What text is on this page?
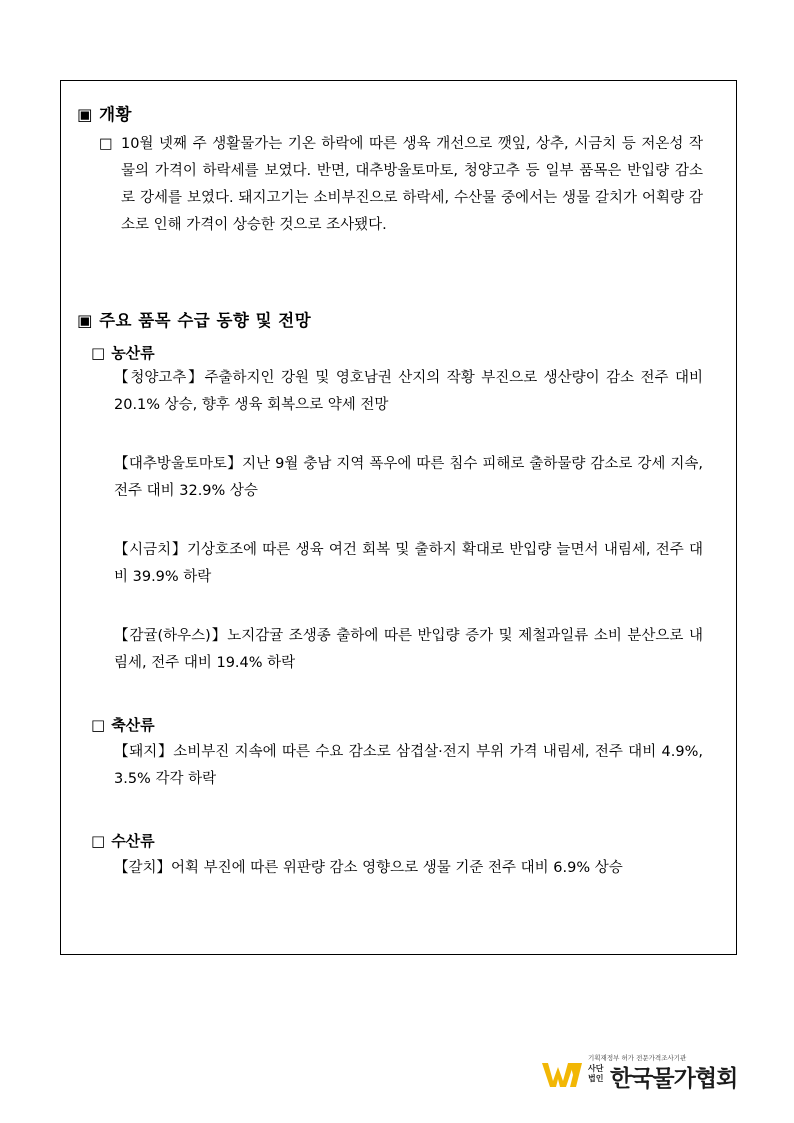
▣ 개황
□ 10월 넷째 주 생활물가는 기온 하락에 따른 생육 개선으로 깻잎, 상추, 시금치 등 저온성 작물의 가격이 하락세를 보였다. 반면, 대추방울토마토, 청양고추 등 일부 품목은 반입량 감소로 강세를 보였다. 돼지고기는 소비부진으로 하락세, 수산물 중에서는 생물 갈치가 어획량 감소로 인해 가격이 상승한 것으로 조사됐다.
▣ 주요 품목 수급 동향 및 전망
□ 농산류
【청양고추】주출하지인 강원 및 영호남권 산지의 작황 부진으로 생산량이 감소 전주 대비 20.1% 상승, 향후 생육 회복으로 약세 전망
【대추방울토마토】지난 9월 충남 지역 폭우에 따른 침수 피해로 출하물량 감소로 강세 지속, 전주 대비 32.9% 상승
【시금치】기상호조에 따른 생육 여건 회복 및 출하지 확대로 반입량 늘면서 내림세, 전주 대비 39.9% 하락
【감귤(하우스)】노지감귤 조생종 출하에 따른 반입량 증가 및 제철과일류 소비 분산으로 내림세, 전주 대비 19.4% 하락
□ 축산류
【돼지】소비부진 지속에 따른 수요 감소로 삼겹살·전지 부위 가격 내림세, 전주 대비 4.9%, 3.5% 각각 하락
□ 수산류
【갈치】어획 부진에 따른 위판량 감소 영향으로 생물 기준 전주 대비 6.9% 상승
기획재정부 허가 전문가격조사기관
사단법인 한국물가협회
